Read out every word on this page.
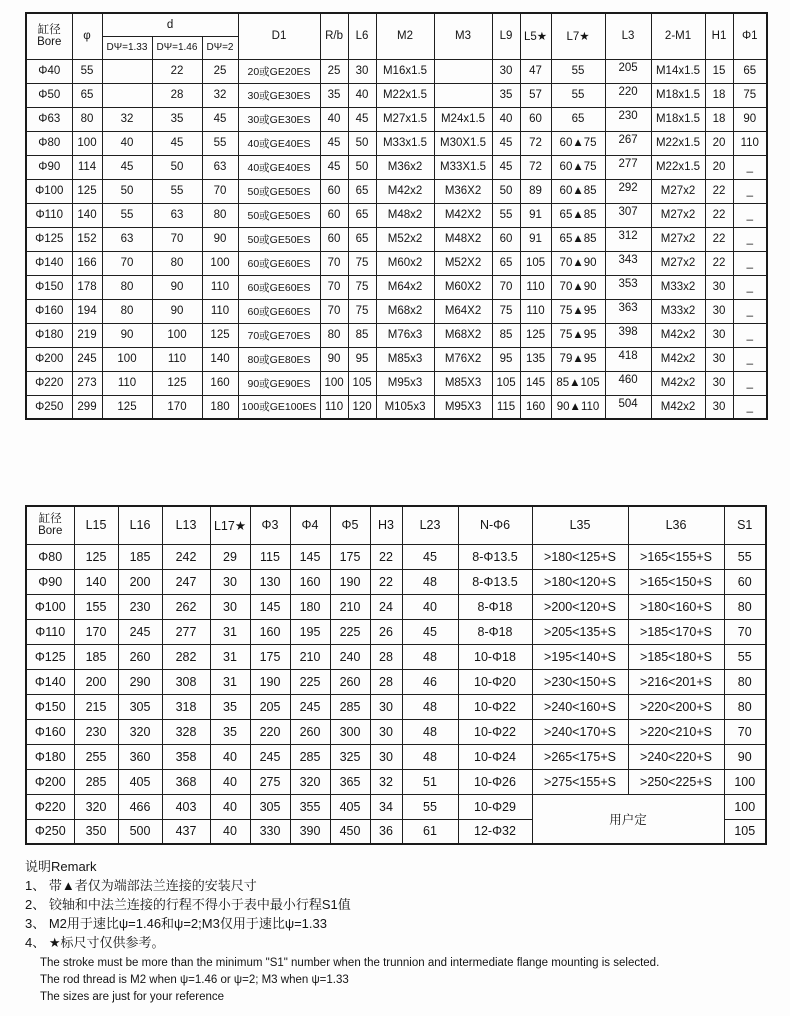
缸径
Bore	φ	d			D1	R/b	L6	M2	M3	L9	L5★	L7★	L3	2-M1	H1	Φ1
		DΨ=1.33	DΨ=1.46	DΨ=2												
Φ40	55		22	25	20或GE20ES	25	30	M16x1.5		30	47	55	205	M14x1.5	15	65
Φ50	65		28	32	30或GE30ES	35	40	M22x1.5		35	57	55	220	M18x1.5	18	75
Φ63	80	32	35	45	30或GE30ES	40	45	M27x1.5	M24x1.5	40	60	65	230	M18x1.5	18	90
Φ80	100	40	45	55	40或GE40ES	45	50	M33x1.5	M30X1.5	45	72	60▲75	267	M22x1.5	20	110
Φ90	114	45	50	63	40或GE40ES	45	50	M36x2	M33X1.5	45	72	60▲75	277	M22x1.5	20	_
Φ100	125	50	55	70	50或GE50ES	60	65	M42x2	M36X2	50	89	60▲85	292	M27x2	22	_
Φ110	140	55	63	80	50或GE50ES	60	65	M48x2	M42X2	55	91	65▲85	307	M27x2	22	_
Φ125	152	63	70	90	50或GE50ES	60	65	M52x2	M48X2	60	91	65▲85	312	M27x2	22	_
Φ140	166	70	80	100	60或GE60ES	70	75	M60x2	M52X2	65	105	70▲90	343	M27x2	22	_
Φ150	178	80	90	110	60或GE60ES	70	75	M64x2	M60X2	70	110	70▲90	353	M33x2	30	_
Φ160	194	80	90	110	60或GE60ES	70	75	M68x2	M64X2	75	110	75▲95	363	M33x2	30	_
Φ180	219	90	100	125	70或GE70ES	80	85	M76x3	M68X2	85	125	75▲95	398	M42x2	30	_
Φ200	245	100	110	140	80或GE80ES	90	95	M85x3	M76X2	95	135	79▲95	418	M42x2	30	_
Φ220	273	110	125	160	90或GE90ES	100	105	M95x3	M85X3	105	145	85▲105	460	M42x2	30	_
Φ250	299	125	170	180	100或GE100ES	110	120	M105x3	M95X3	115	160	90▲110	504	M42x2	30	_
缸径
Bore	L15	L16	L13	L17★	Φ3	Φ4	Φ5	H3	L23	N-Φ6	L35	L36	S1
Φ80	125	185	242	29	115	145	175	22	45	8-Φ13.5	>180<125+S	>165<155+S	55
Φ90	140	200	247	30	130	160	190	22	48	8-Φ13.5	>180<120+S	>165<150+S	60
Φ100	155	230	262	30	145	180	210	24	40	8-Φ18	>200<120+S	>180<160+S	80
Φ110	170	245	277	31	160	195	225	26	45	8-Φ18	>205<135+S	>185<170+S	70
Φ125	185	260	282	31	175	210	240	28	48	10-Φ18	>195<140+S	>185<180+S	55
Φ140	200	290	308	31	190	225	260	28	46	10-Φ20	>230<150+S	>216<201+S	80
Φ150	215	305	318	35	205	245	285	30	48	10-Φ22	>240<160+S	>220<200+S	80
Φ160	230	320	328	35	220	260	300	30	48	10-Φ22	>240<170+S	>220<210+S	70
Φ180	255	360	358	40	245	285	325	30	48	10-Φ24	>265<175+S	>240<220+S	90
Φ200	285	405	368	40	275	320	365	32	51	10-Φ26	>275<155+S	>250<225+S	100
Φ220	320	466	403	40	305	355	405	34	55	10-Φ29	用户定		100
Φ250	350	500	437	40	330	390	450	36	61	12-Φ32			105
说明Remark
1、 带▲者仅为端部法兰连接的安装尺寸
2、 铰轴和中法兰连接的行程不得小于表中最小行程S1值
3、 M2用于速比ψ=1.46和ψ=2;M3仅用于速比ψ=1.33
4、 ★标尺寸仅供参考。
The stroke must be more than the minimum "S1" number when the trunnion and intermediate flange mounting is selected.
The rod thread is M2 when ψ=1.46 or ψ=2; M3 when ψ=1.33
The sizes are just for your reference
